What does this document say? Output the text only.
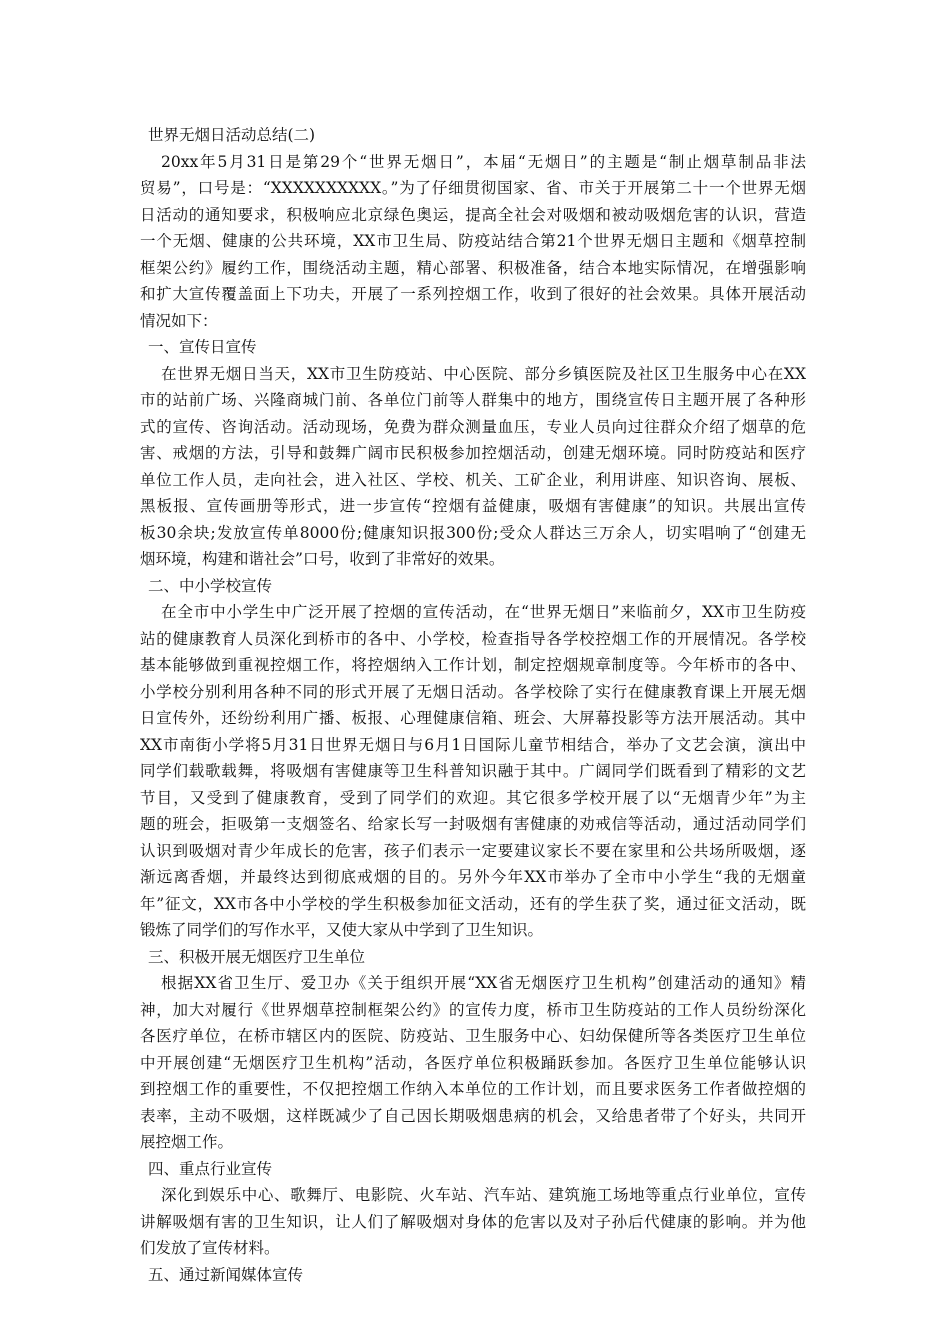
世界无烟日活动总结(二)
20xx年5月31日是第29个“世界无烟日”，本届“无烟日”的主题是“制止烟草制品非法
贸易”，口号是：“XXXXXXXXXX。”为了仔细贯彻国家、省、市关于开展第二十一个世界无烟
日活动的通知要求，积极响应北京绿色奥运，提高全社会对吸烟和被动吸烟危害的认识，营造
一个无烟、健康的公共环境，XX市卫生局、防疫站结合第21个世界无烟日主题和《烟草控制
框架公约》履约工作，围绕活动主题，精心部署、积极准备，结合本地实际情况，在增强影响
和扩大宣传覆盖面上下功夫，开展了一系列控烟工作，收到了很好的社会效果。具体开展活动
情况如下：
一、宣传日宣传
在世界无烟日当天，XX市卫生防疫站、中心医院、部分乡镇医院及社区卫生服务中心在XX
市的站前广场、兴隆商城门前、各单位门前等人群集中的地方，围绕宣传日主题开展了各种形
式的宣传、咨询活动。活动现场，免费为群众测量血压，专业人员向过往群众介绍了烟草的危
害、戒烟的方法，引导和鼓舞广阔市民积极参加控烟活动，创建无烟环境。同时防疫站和医疗
单位工作人员，走向社会，进入社区、学校、机关、工矿企业，利用讲座、知识咨询、展板、
黑板报、宣传画册等形式，进一步宣传“控烟有益健康，吸烟有害健康”的知识。共展出宣传
板30余块;发放宣传单8000份;健康知识报300份;受众人群达三万余人，切实唱响了“创建无
烟环境，构建和谐社会”口号，收到了非常好的效果。
二、中小学校宣传
在全市中小学生中广泛开展了控烟的宣传活动，在“世界无烟日”来临前夕，XX市卫生防疫
站的健康教育人员深化到桥市的各中、小学校，检查指导各学校控烟工作的开展情况。各学校
基本能够做到重视控烟工作，将控烟纳入工作计划，制定控烟规章制度等。今年桥市的各中、
小学校分别利用各种不同的形式开展了无烟日活动。各学校除了实行在健康教育课上开展无烟
日宣传外，还纷纷利用广播、板报、心理健康信箱、班会、大屏幕投影等方法开展活动。其中
XX市南街小学将5月31日世界无烟日与6月1日国际儿童节相结合，举办了文艺会演，演出中
同学们载歌载舞，将吸烟有害健康等卫生科普知识融于其中。广阔同学们既看到了精彩的文艺
节目，又受到了健康教育，受到了同学们的欢迎。其它很多学校开展了以“无烟青少年”为主
题的班会，拒吸第一支烟签名、给家长写一封吸烟有害健康的劝戒信等活动，通过活动同学们
认识到吸烟对青少年成长的危害，孩子们表示一定要建议家长不要在家里和公共场所吸烟，逐
渐远离香烟，并最终达到彻底戒烟的目的。另外今年XX市举办了全市中小学生“我的无烟童
年”征文，XX市各中小学校的学生积极参加征文活动，还有的学生获了奖，通过征文活动，既
锻炼了同学们的写作水平，又使大家从中学到了卫生知识。
三、积极开展无烟医疗卫生单位
根据XX省卫生厅、爱卫办《关于组织开展“XX省无烟医疗卫生机构”创建活动的通知》精
神，加大对履行《世界烟草控制框架公约》的宣传力度，桥市卫生防疫站的工作人员纷纷深化
各医疗单位，在桥市辖区内的医院、防疫站、卫生服务中心、妇幼保健所等各类医疗卫生单位
中开展创建“无烟医疗卫生机构”活动，各医疗单位积极踊跃参加。各医疗卫生单位能够认识
到控烟工作的重要性，不仅把控烟工作纳入本单位的工作计划，而且要求医务工作者做控烟的
表率，主动不吸烟，这样既减少了自己因长期吸烟患病的机会，又给患者带了个好头，共同开
展控烟工作。
四、重点行业宣传
深化到娱乐中心、歌舞厅、电影院、火车站、汽车站、建筑施工场地等重点行业单位，宣传
讲解吸烟有害的卫生知识，让人们了解吸烟对身体的危害以及对子孙后代健康的影响。并为他
们发放了宣传材料。
五、通过新闻媒体宣传
